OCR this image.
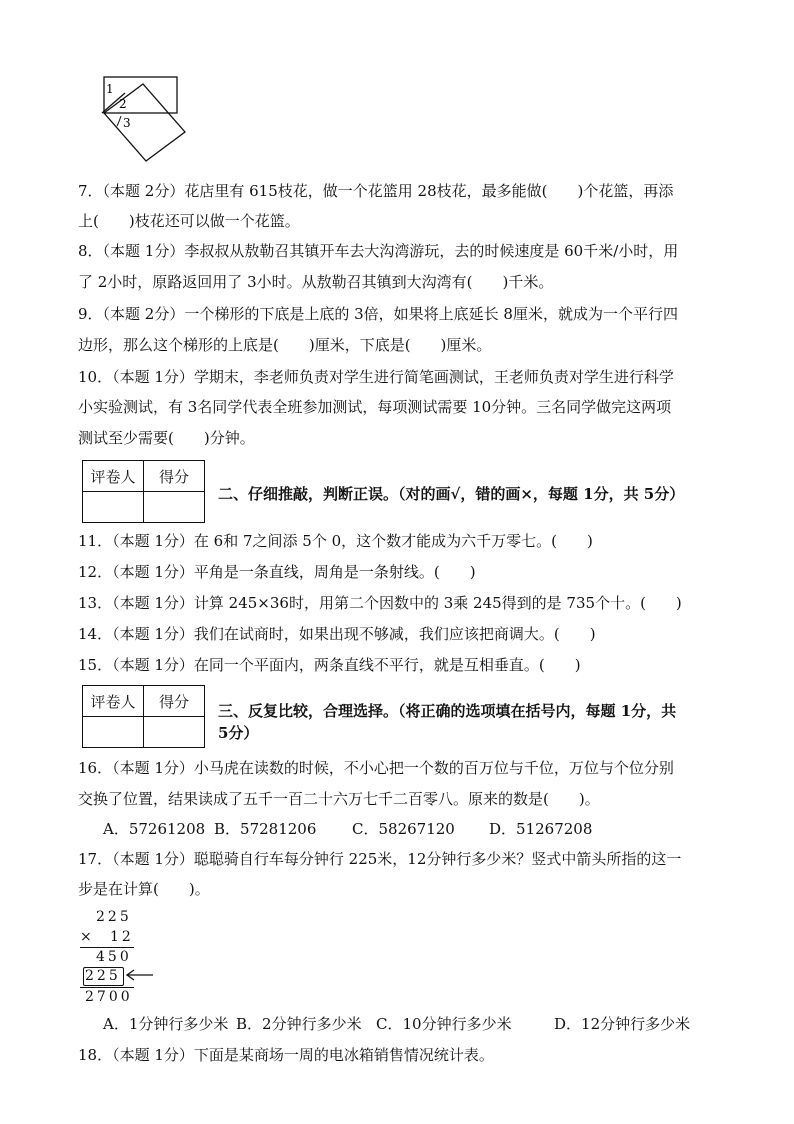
1
2
3
7．（本题 2分）花店里有 615枝花，做一个花篮用 28枝花，最多能做(　　)个花篮，再添
上(　　)枝花还可以做一个花篮。
8．（本题 1分）李叔叔从敖勒召其镇开车去大沟湾游玩，去的时候速度是 60千米/小时，用
了 2小时，原路返回用了 3小时。从敖勒召其镇到大沟湾有(　　)千米。
9．（本题 2分）一个梯形的下底是上底的 3倍，如果将上底延长 8厘米，就成为一个平行四
边形，那么这个梯形的上底是(　　)厘米，下底是(　　)厘米。
10．（本题 1分）学期末，李老师负责对学生进行简笔画测试，王老师负责对学生进行科学
小实验测试，有 3名同学代表全班参加测试，每项测试需要 10分钟。三名同学做完这两项
测试至少需要(　　)分钟。
评卷人	得分

二、仔细推敲，判断正误。（对的画√，错的画×，每题 1分，共 5分）
11．（本题 1分）在 6和 7之间添 5个 0，这个数才能成为六千万零七。(　　)
12．（本题 1分）平角是一条直线，周角是一条射线。(　　)
13．（本题 1分）计算 245×36时，用第二个因数中的 3乘 245得到的是 735个十。(　　)
14．（本题 1分）我们在试商时，如果出现不够减，我们应该把商调大。(　　)
15．（本题 1分）在同一个平面内，两条直线不平行，就是互相垂直。(　　)
评卷人	得分

三、反复比较，合理选择。（将正确的选项填在括号内，每题 1分，共
5分）
16．（本题 1分）小马虎在读数的时候，不小心把一个数的百万位与千位，万位与个位分别
交换了位置，结果读成了五千一百二十六万七千二百零八。原来的数是(　　)。
A．57261208 B．57281206 C．58267120 D．51267208
17．（本题 1分）聪聪骑自行车每分钟行 225米，12分钟行多少米？竖式中箭头所指的这一
步是在计算(　　)。
225
× 12
450
225
2700
A．1分钟行多少米 B．2分钟行多少米 C．10分钟行多少米	D．12分钟行多少米
18．（本题 1分）下面是某商场一周的电冰箱销售情况统计表。
